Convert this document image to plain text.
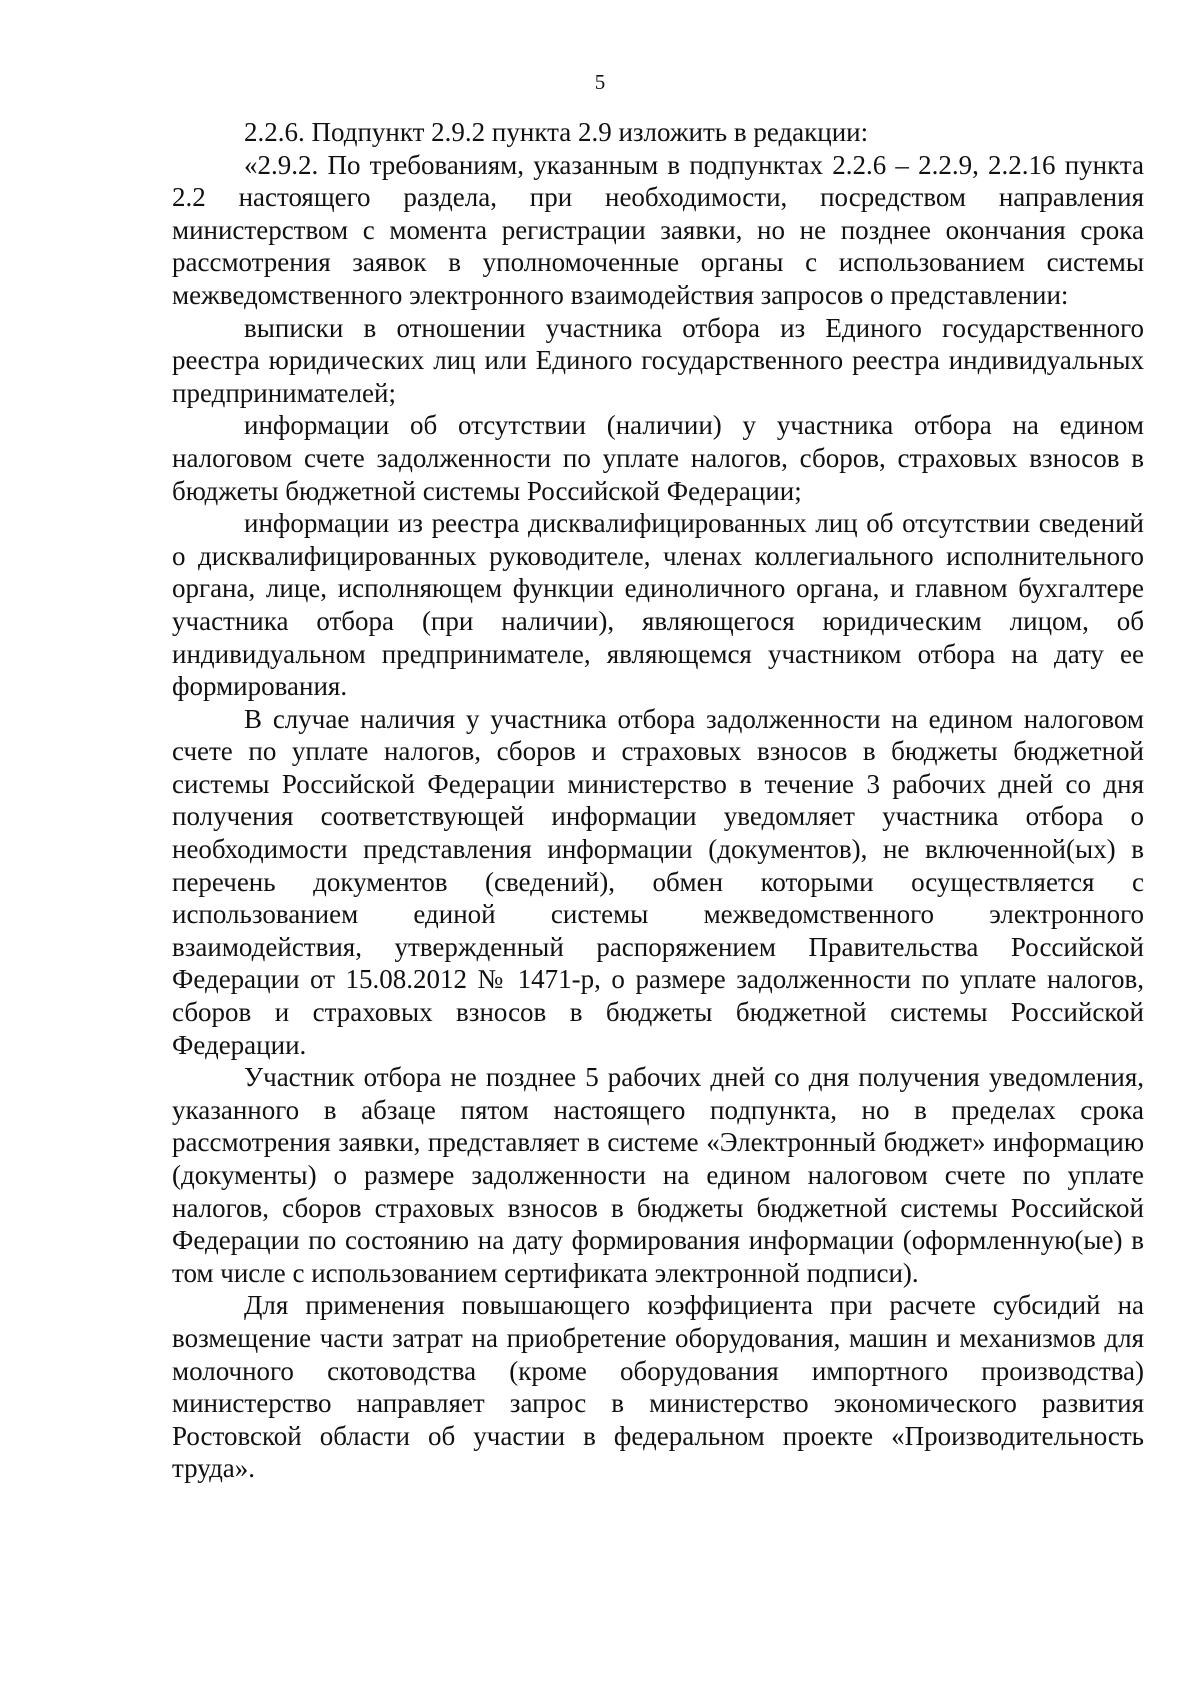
5

2.2.6. Подпункт 2.9.2 пункта 2.9 изложить в редакции:

«2.9.2. По требованиям, указанным в подпунктах 2.2.6 – 2.2.9, 2.2.16 пункта 2.2 настоящего раздела, при необходимости, посредством направления министерством с момента регистрации заявки, но не позднее окончания срока рассмотрения заявок в уполномоченные органы с использованием системы межведомственного электронного взаимодействия запросов о представлении:

выписки в отношении участника отбора из Единого государственного реестра юридических лиц или Единого государственного реестра индивидуальных предпринимателей;

информации об отсутствии (наличии) у участника отбора на едином налоговом счете задолженности по уплате налогов, сборов, страховых взносов в бюджеты бюджетной системы Российской Федерации;

информации из реестра дисквалифицированных лиц об отсутствии сведений о дисквалифицированных руководителе, членах коллегиального исполнительного органа, лице, исполняющем функции единоличного органа, и главном бухгалтере участника отбора (при наличии), являющегося юридическим лицом, об индивидуальном предпринимателе, являющемся участником отбора на дату ее формирования.

В случае наличия у участника отбора задолженности на едином налоговом счете по уплате налогов, сборов и страховых взносов в бюджеты бюджетной системы Российской Федерации министерство в течение 3 рабочих дней со дня получения соответствующей информации уведомляет участника отбора о необходимости представления информации (документов), не включенной(ых) в перечень документов (сведений), обмен которыми осуществляется с использованием единой системы межведомственного электронного взаимодействия, утвержденный распоряжением Правительства Российской Федерации от 15.08.2012 № 1471-р, о размере задолженности по уплате налогов, сборов и страховых взносов в бюджеты бюджетной системы Российской Федерации.

Участник отбора не позднее 5 рабочих дней со дня получения уведомления, указанного в абзаце пятом настоящего подпункта, но в пределах срока рассмотрения заявки, представляет в системе «Электронный бюджет» информацию (документы) о размере задолженности на едином налоговом счете по уплате налогов, сборов страховых взносов в бюджеты бюджетной системы Российской Федерации по состоянию на дату формирования информации (оформленную(ые) в том числе с использованием сертификата электронной подписи).

Для применения повышающего коэффициента при расчете субсидий на возмещение части затрат на приобретение оборудования, машин и механизмов для молочного скотоводства (кроме оборудования импортного производства) министерство направляет запрос в министерство экономического развития Ростовской области об участии в федеральном проекте «Производительность труда».
